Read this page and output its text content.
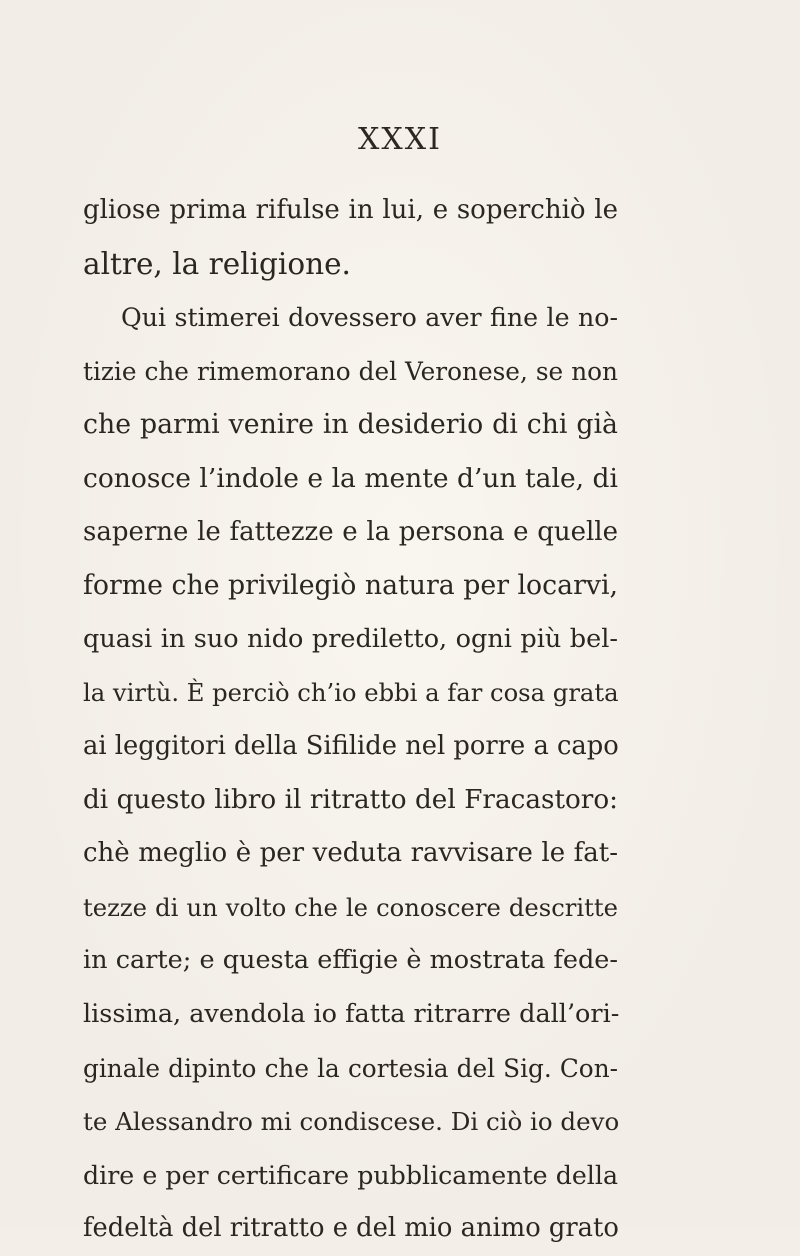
XXXI
gliose prima rifulse in lui, e soperchiò le
altre, la religione.
Qui stimerei dovessero aver fine le no-
tizie che rimemorano del Veronese, se non
che parmi venire in desiderio di chi già
conosce l’indole e la mente d’un tale, di
saperne le fattezze e la persona e quelle
forme che privilegiò natura per locarvi,
quasi in suo nido prediletto, ogni più bel-
la virtù. È perciò ch’io ebbi a far cosa grata
ai leggitori della Sifilide nel porre a capo
di questo libro il ritratto del Fracastoro:
chè meglio è per veduta ravvisare le fat-
tezze di un volto che le conoscere descritte
in carte; e questa effigie è mostrata fede-
lissima, avendola io fatta ritrarre dall’ori-
ginale dipinto che la cortesia del Sig. Con-
te Alessandro mi condiscese. Di ciò io devo
dire e per certificare pubblicamente della
fedeltà del ritratto e del mio animo grato
